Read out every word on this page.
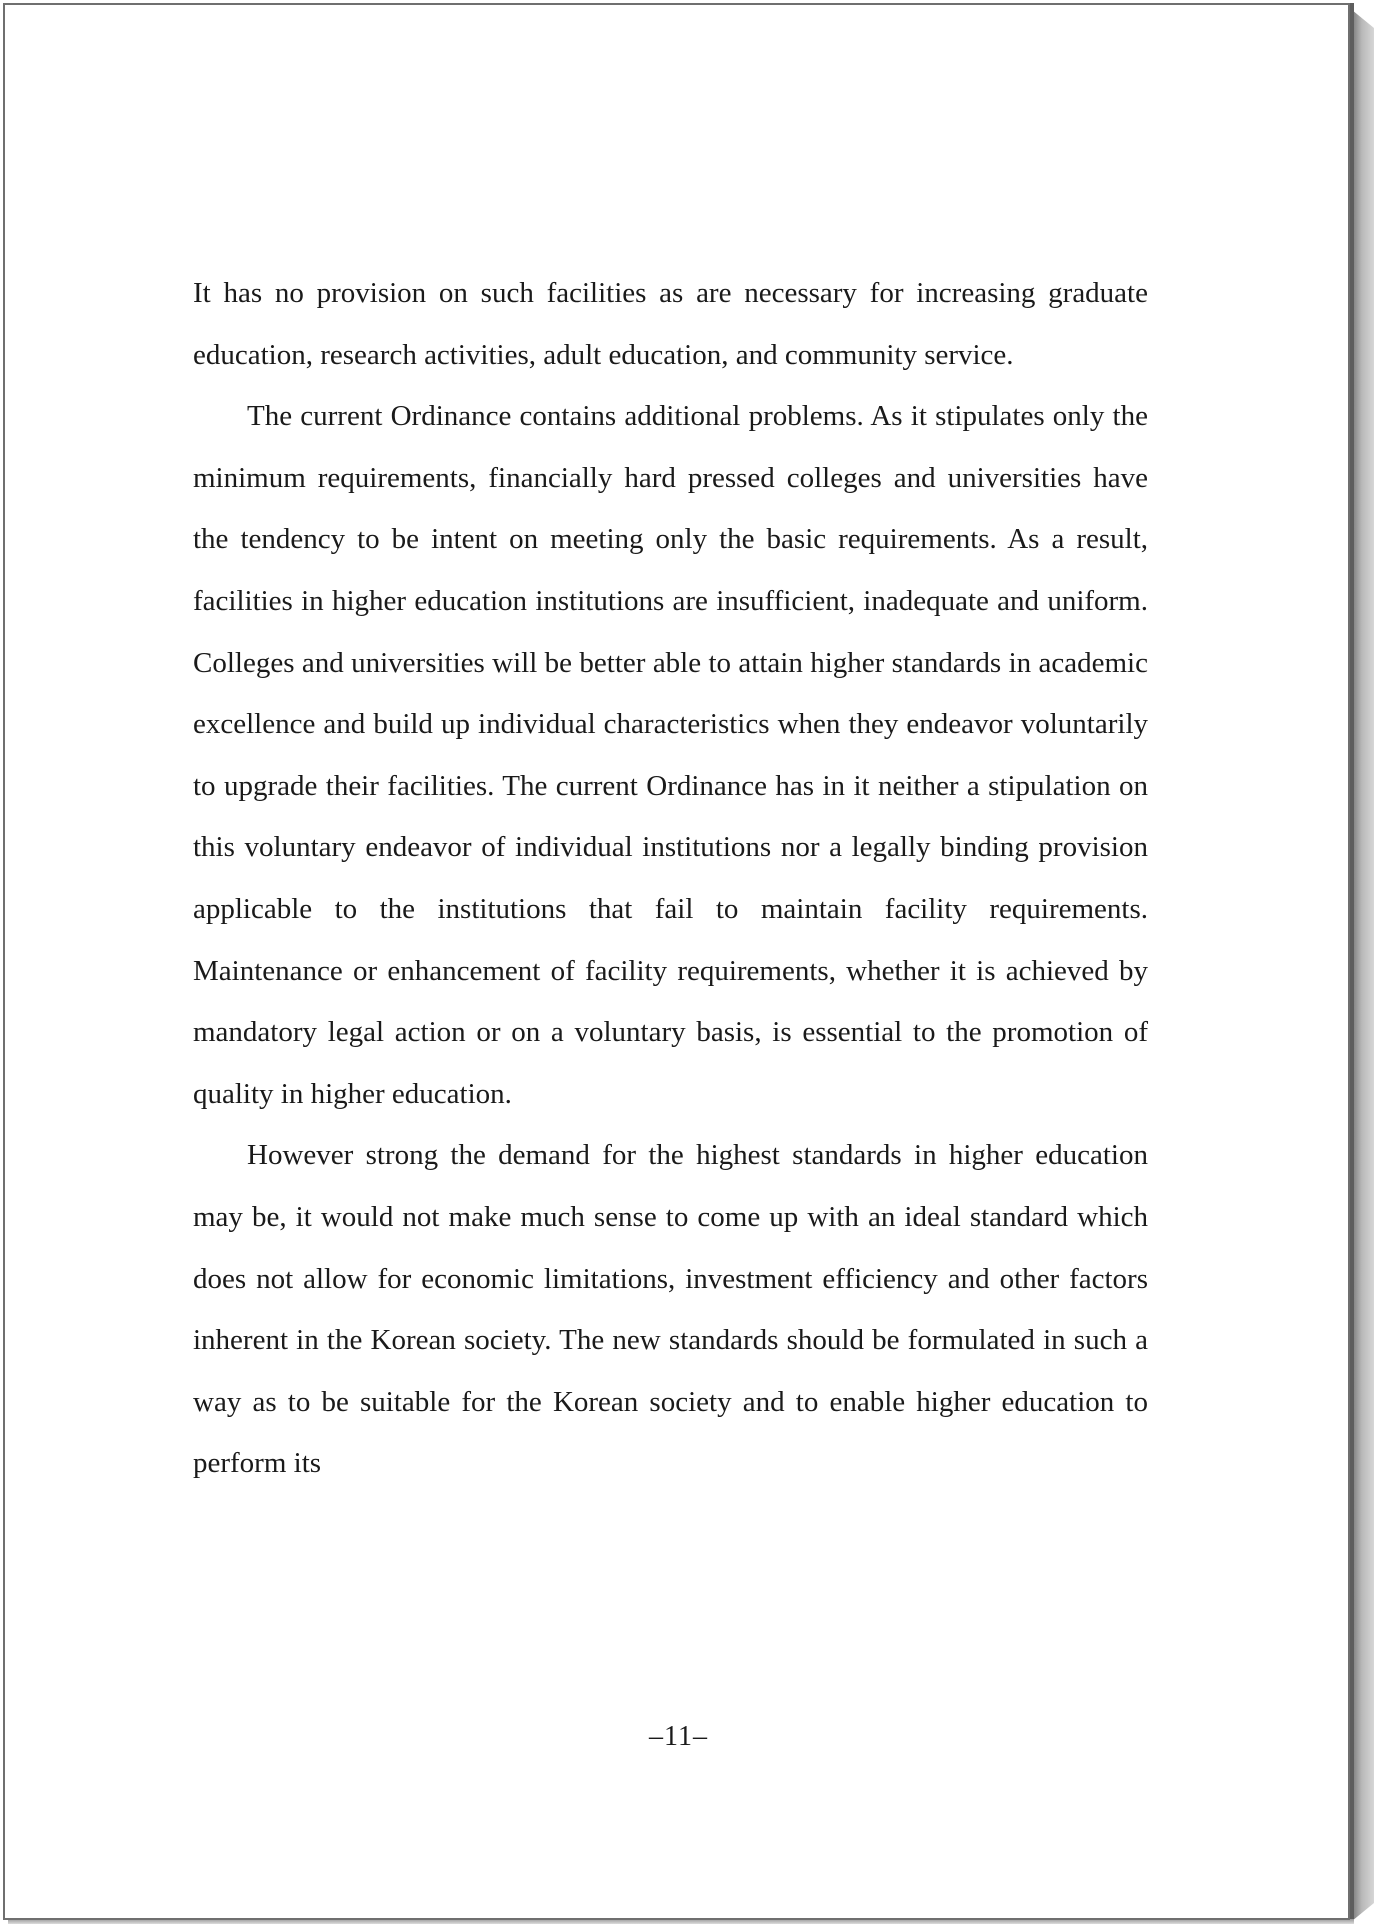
It has no provision on such facilities as are necessary for increasing graduate education, research activities, adult education, and community service.

The current Ordinance contains additional problems. As it stipulates only the minimum requirements, financially hard pressed colleges and universities have the tendency to be intent on meeting only the basic requirements. As a result, facilities in higher education institutions are insufficient, inadequate and uniform. Colleges and universities will be better able to attain higher standards in academic excellence and build up individual characteristics when they endeavor voluntarily to upgrade their facilities. The current Ordinance has in it neither a stipulation on this voluntary endeavor of individual institutions nor a legally binding provision applicable to the institutions that fail to maintain facility requirements. Maintenance or enhancement of facility requirements, whether it is achieved by mandatory legal action or on a voluntary basis, is essential to the promotion of quality in higher education.

However strong the demand for the highest standards in higher education may be, it would not make much sense to come up with an ideal standard which does not allow for economic limitations, investment efficiency and other factors inherent in the Korean society. The new standards should be formulated in such a way as to be suitable for the Korean society and to enable higher education to perform its

–11–
